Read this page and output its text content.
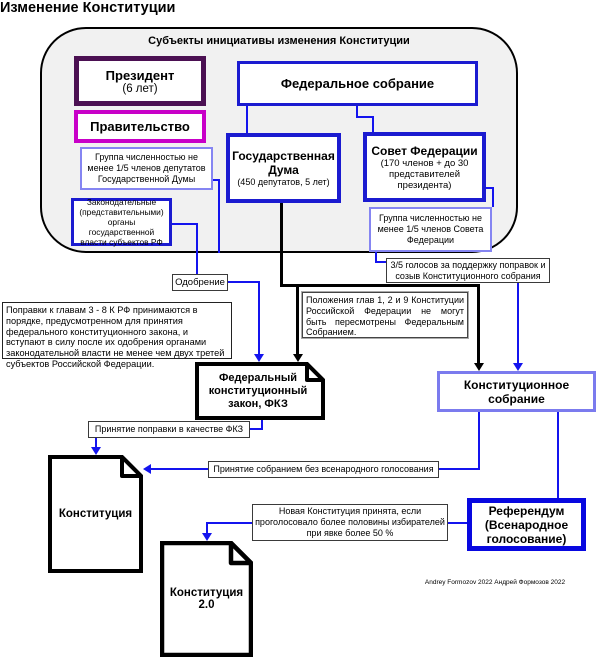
Изменение Конституции
Субъекты инициативы изменения Конституции
Президент
(6 лет)
Правительство
Группа численностью не менее 1/5 членов депутатов Государственной Думы
Законодательные (представительными) органы государственной власти субъектов РФ
Федеральное собрание
Государственная Дума
(450 депутатов, 5 лет)
Совет Федерации
(170 членов + до 30 представителей президента)
Группа численностью не менее 1/5 членов Совета Федерации
Одобрение
3/5 голосов за поддержку поправок и созыв Конституционного собрания
Принятие поправки в качестве ФКЗ
Принятие собранием без всенародного голосования
Новая Конституция принята, если проголосовало более половины избирателей при явке более 50 %
Поправки к главам 3 - 8 К РФ принимаются в порядке, предусмотренном для принятия федерального конституционного закона, и вступают в силу после их одобрения органами законодательной власти не менее чем двух третей субъектов Российской Федерации.
Положения глав 1, 2 и 9 Конституции Российской Федерации не могут быть пересмотрены Федеральным Собранием.
Федеральный конституционный закон, ФКЗ
Конституционное собрание
Конституция	Референдум (Всенародное голосование)
Конституция 2.0
Andrey Formozov 2022 Андрей Формозов 2022
